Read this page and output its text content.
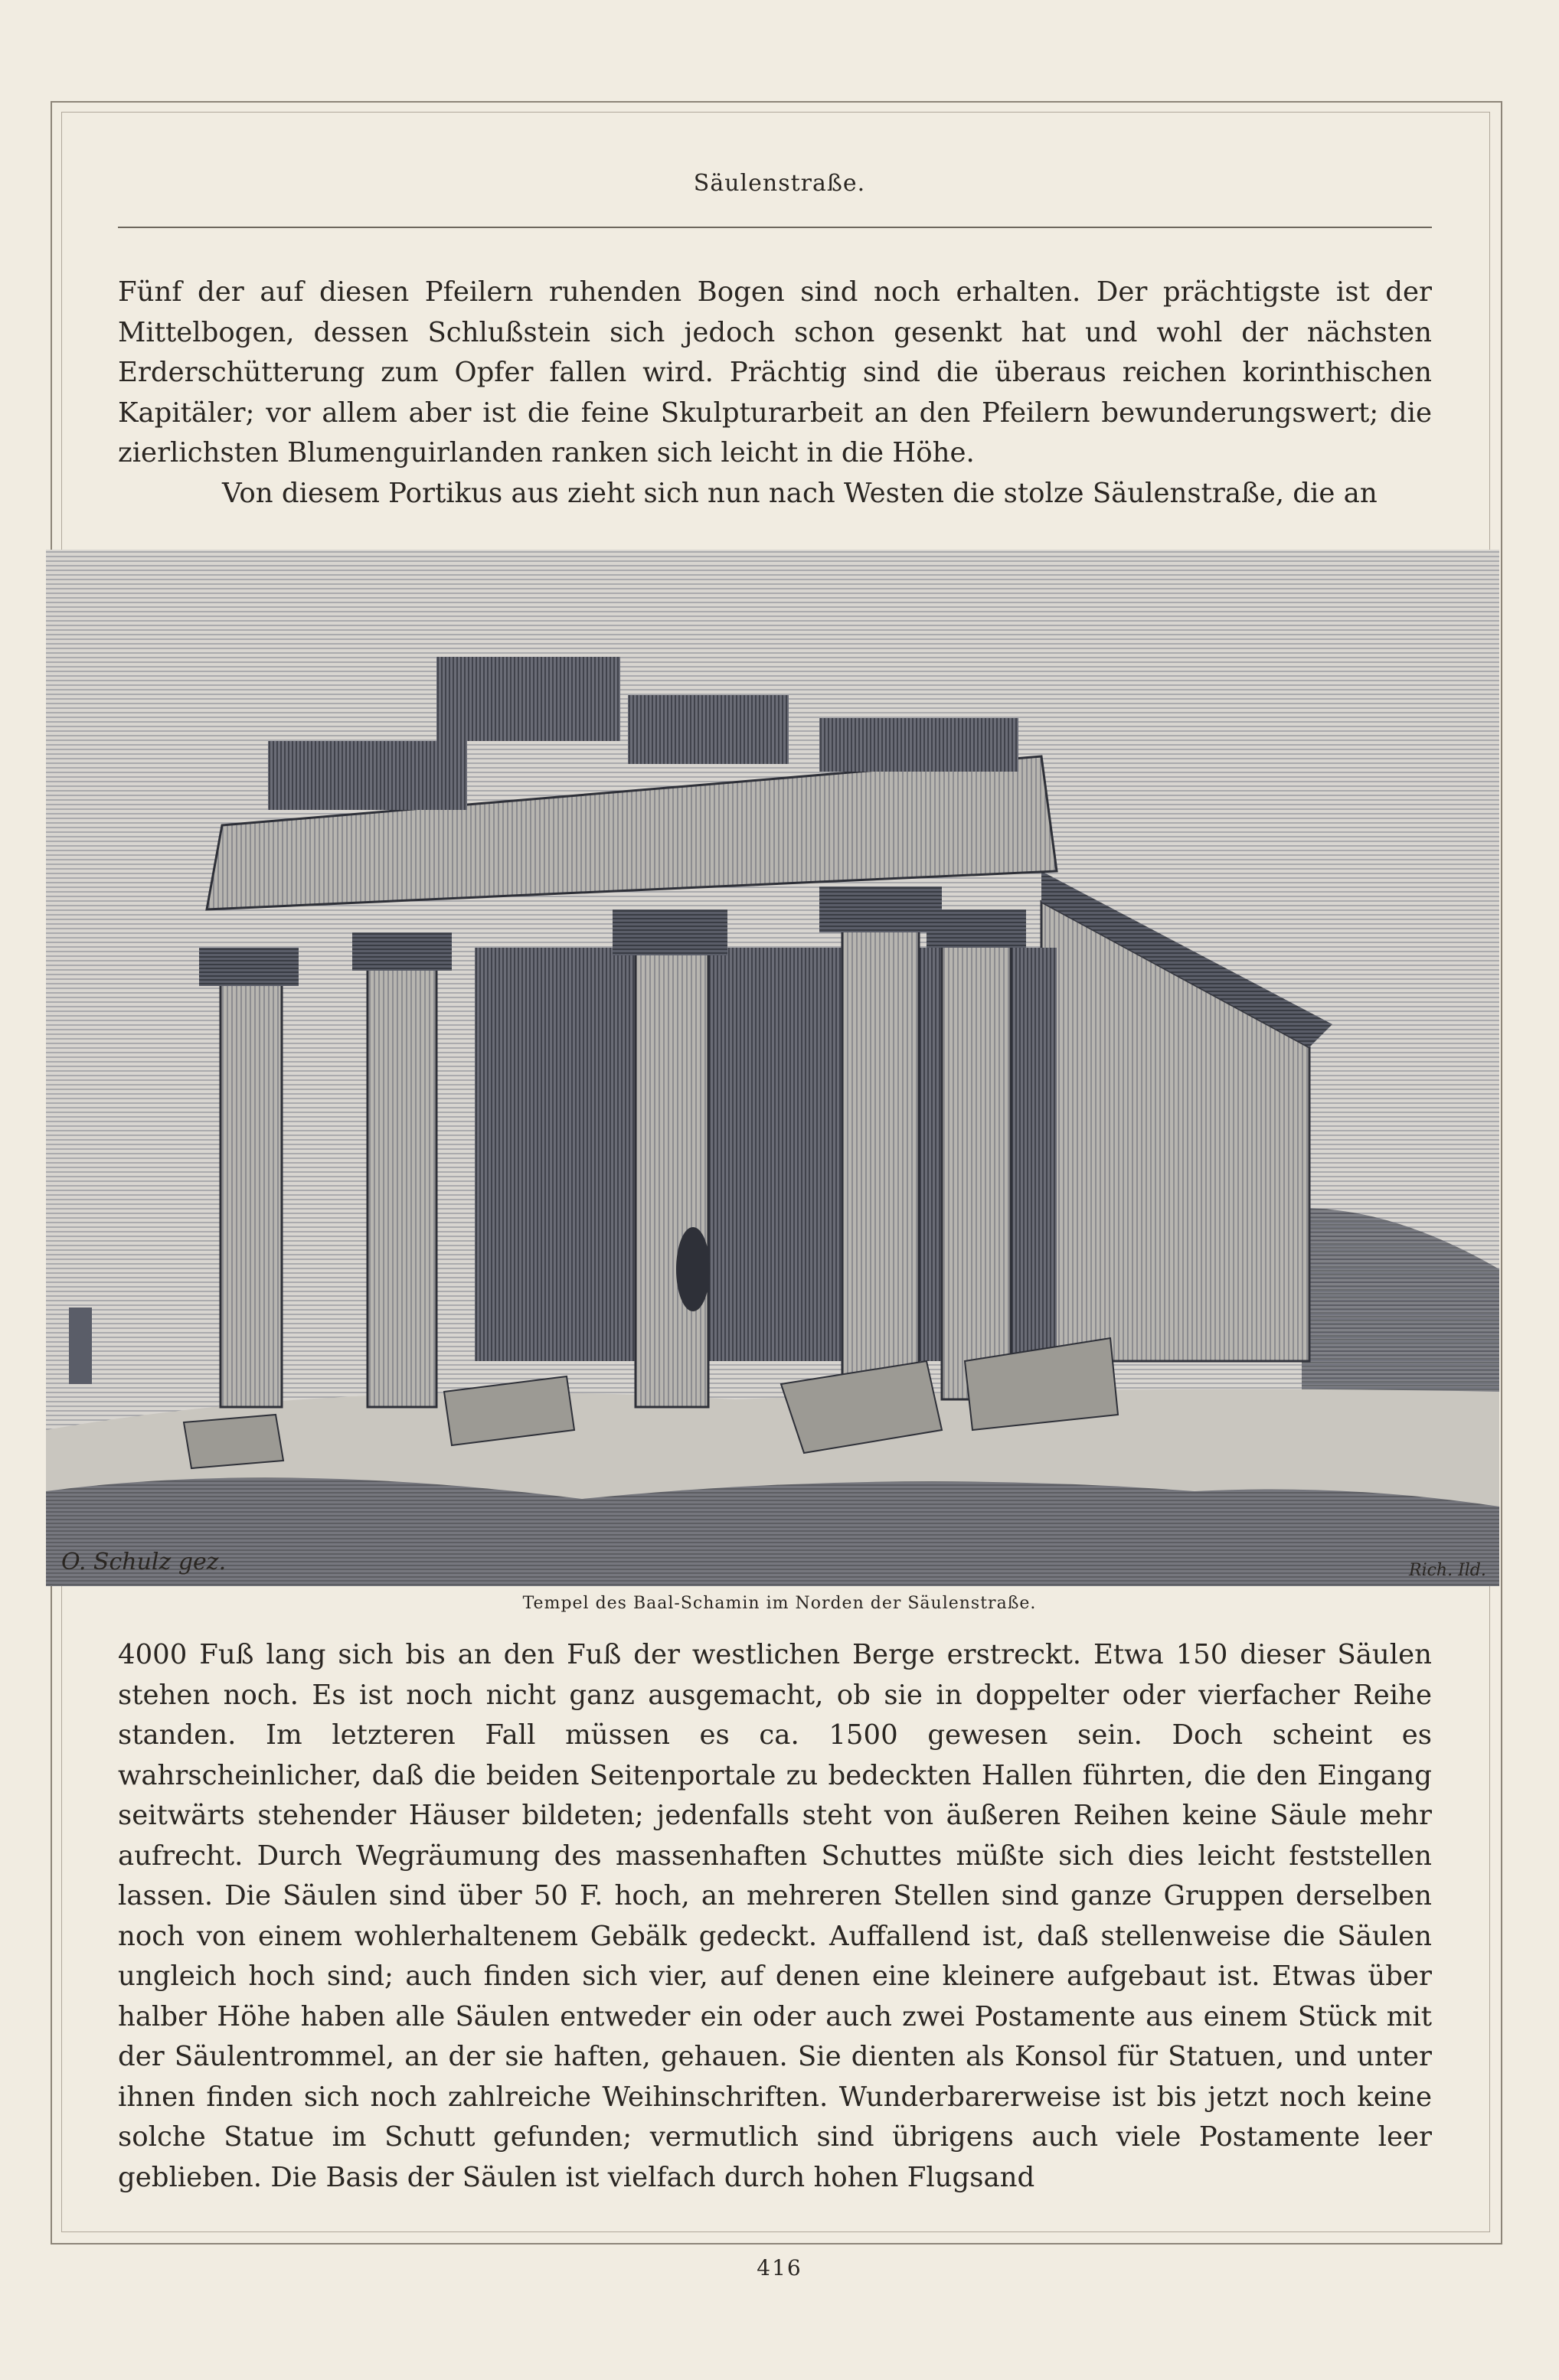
Säulenstraße.

Fünf der auf diesen Pfeilern ruhenden Bogen sind noch erhalten. Der prächtigste ist der Mittelbogen, dessen Schlußstein sich jedoch schon gesenkt hat und wohl der nächsten Erderschütterung zum Opfer fallen wird. Prächtig sind die überaus reichen korinthischen Kapitäler; vor allem aber ist die feine Skulpturarbeit an den Pfeilern bewunderungswert; die zierlichsten Blumenguirlanden ranken sich leicht in die Höhe.

Von diesem Portikus aus zieht sich nun nach Westen die stolze Säulenstraße, die an

O. Schulz gez.	Rich. Ild.
Tempel des Baal-Schamin im Norden der Säulenstraße.

4000 Fuß lang sich bis an den Fuß der westlichen Berge erstreckt. Etwa 150 dieser Säulen stehen noch. Es ist noch nicht ganz ausgemacht, ob sie in doppelter oder vierfacher Reihe standen. Im letzteren Fall müssen es ca. 1500 gewesen sein. Doch scheint es wahrscheinlicher, daß die beiden Seitenportale zu bedeckten Hallen führten, die den Eingang seitwärts stehender Häuser bildeten; jedenfalls steht von äußeren Reihen keine Säule mehr aufrecht. Durch Wegräumung des massenhaften Schuttes müßte sich dies leicht feststellen lassen. Die Säulen sind über 50 F. hoch, an mehreren Stellen sind ganze Gruppen derselben noch von einem wohlerhaltenem Gebälk gedeckt. Auffallend ist, daß stellenweise die Säulen ungleich hoch sind; auch finden sich vier, auf denen eine kleinere aufgebaut ist. Etwas über halber Höhe haben alle Säulen entweder ein oder auch zwei Postamente aus einem Stück mit der Säulentrommel, an der sie haften, gehauen. Sie dienten als Konsol für Statuen, und unter ihnen finden sich noch zahlreiche Weihinschriften. Wunderbarerweise ist bis jetzt noch keine solche Statue im Schutt gefunden; vermutlich sind übrigens auch viele Postamente leer geblieben. Die Basis der Säulen ist vielfach durch hohen Flugsand

416
